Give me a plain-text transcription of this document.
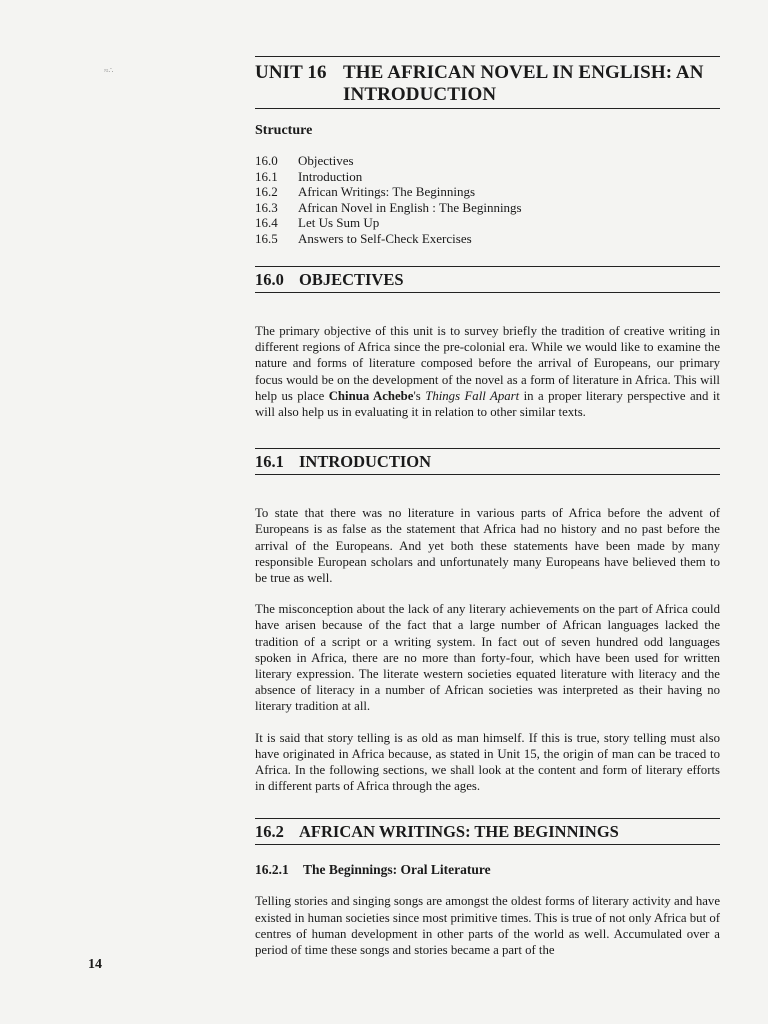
≈∴	UNIT 16 THE AFRICAN NOVEL IN ENGLISH: AN INTRODUCTION
Structure
16.0	Objectives
16.1	Introduction
16.2	African Writings: The Beginnings
16.3	African Novel in English : The Beginnings
16.4	Let Us Sum Up
16.5	Answers to Self-Check Exercises
16.0 OBJECTIVES

The primary objective of this unit is to survey briefly the tradition of creative writing in different regions of Africa since the pre-colonial era. While we would like to examine the nature and forms of literature composed before the arrival of Europeans, our primary focus would be on the development of the novel as a form of literature in Africa. This will help us place Chinua Achebe's Things Fall Apart in a proper literary perspective and it will also help us in evaluating it in relation to other similar texts.

16.1 INTRODUCTION

To state that there was no literature in various parts of Africa before the advent of Europeans is as false as the statement that Africa had no history and no past before the arrival of the Europeans. And yet both these statements have been made by many responsible European scholars and unfortunately many Europeans have believed them to be true as well.

The misconception about the lack of any literary achievements on the part of Africa could have arisen because of the fact that a large number of African languages lacked the tradition of a script or a writing system. In fact out of seven hundred odd languages spoken in Africa, there are no more than forty-four, which have been used for written literary expression. The literate western societies equated literature with literacy and the absence of literacy in a number of African societies was interpreted as their having no literary tradition at all.

It is said that story telling is as old as man himself. If this is true, story telling must also have originated in Africa because, as stated in Unit 15, the origin of man can be traced to Africa. In the following sections, we shall look at the content and form of literary efforts in different parts of Africa through the ages.

16.2 AFRICAN WRITINGS: THE BEGINNINGS
16.2.1	The Beginnings: Oral Literature

Telling stories and singing songs are amongst the oldest forms of literary activity and have existed in human societies since most primitive times. This is true of not only Africa but of centres of human development in other parts of the world as well. Accumulated over a period of time these songs and stories became a part of the

14
